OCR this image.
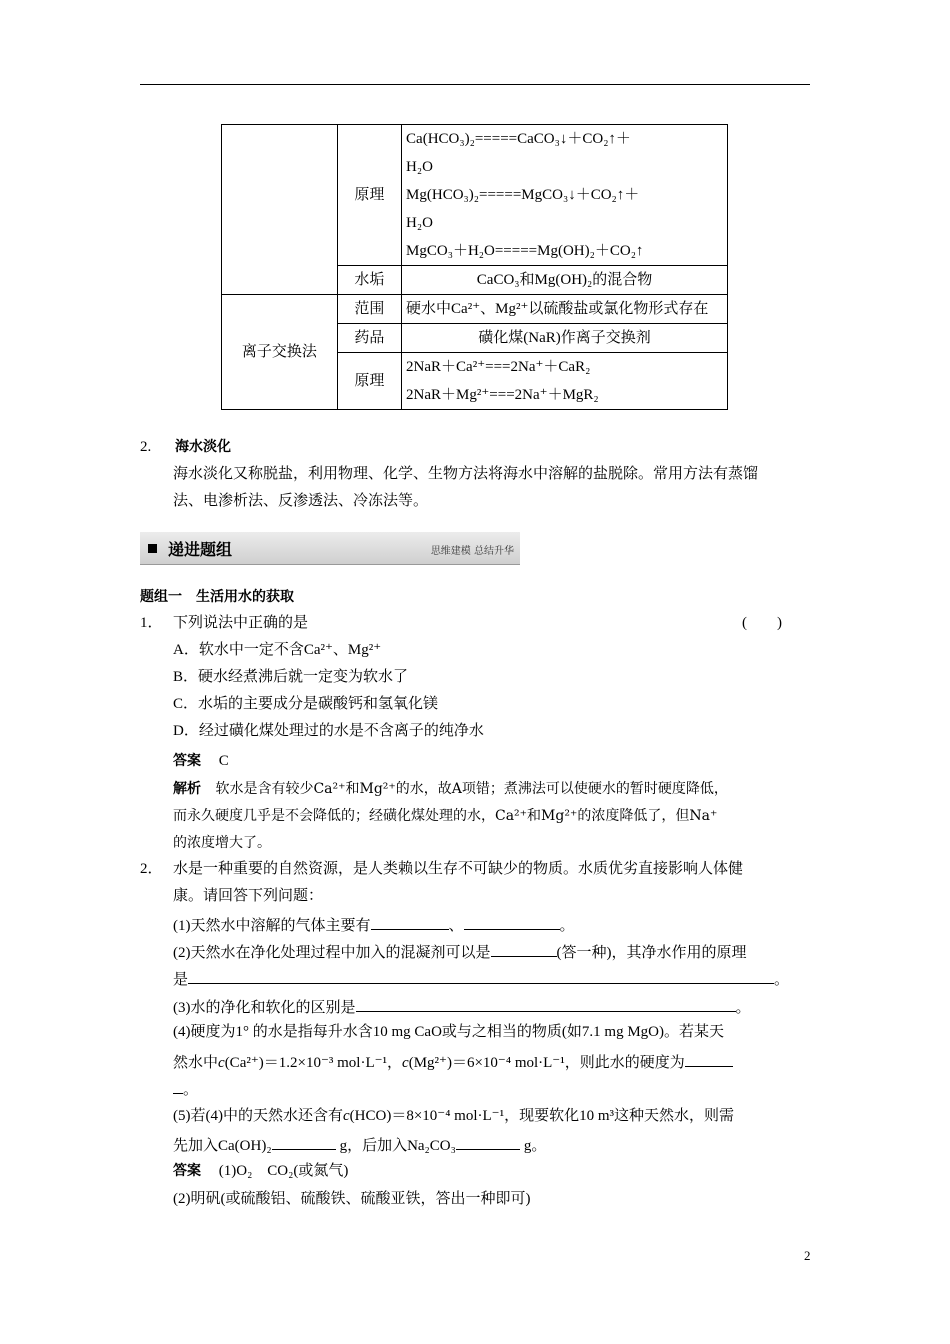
	原理	Ca(HCO₃)₂=====CaCO₃↓＋CO₂↑＋
H₂O
Mg(HCO₃)₂=====MgCO₃↓＋CO₂↑＋
H₂O
MgCO₃＋H₂O=====Mg(OH)₂＋CO₂↑

	水垢	CaCO₃和Mg(OH)₂的混合物
离子交换法	范围	硬水中Ca²⁺、Mg²⁺以硫酸盐或氯化物形式存在
	药品	磺化煤(NaR)作离子交换剂
	原理	2NaR＋Ca²⁺===2Na⁺＋CaR₂
2NaR＋Mg²⁺===2Na⁺＋MgR₂
2. 海水淡化
海水淡化又称脱盐，利用物理、化学、生物方法将海水中溶解的盐脱除。常用方法有蒸馏
法、电渗析法、反渗透法、冷冻法等。
递进题组	思维建模 总结升华
题组一　生活用水的获取
1． 下列说法中正确的是	(　　)
A．软水中一定不含Ca²⁺、Mg²⁺
B．硬水经煮沸后就一定变为软水了
C．水垢的主要成分是碳酸钙和氢氧化镁
D．经过磺化煤处理过的水是不含离子的纯净水
答案 C
解析 软水是含有较少Ca²⁺和Mg²⁺的水，故A项错；煮沸法可以使硬水的暂时硬度降低，
而永久硬度几乎是不会降低的；经磺化煤处理的水，Ca²⁺和Mg²⁺的浓度降低了，但Na⁺
的浓度增大了。
2． 水是一种重要的自然资源，是人类赖以生存不可缺少的物质。水质优劣直接影响人体健
康。请回答下列问题：
(1)天然水中溶解的气体主要有	、	。
(2)天然水在净化处理过程中加入的混凝剂可以是	(答一种)，其净水作用的原理
是	。
(3)水的净化和软化的区别是	。
(4)硬度为1° 的水是指每升水含10 mg CaO或与之相当的物质(如7.1 mg MgO)。若某天
然水中c(Ca²⁺)＝1.2×10⁻³ mol·L⁻¹，c(Mg²⁺)＝6×10⁻⁴ mol·L⁻¹，则此水的硬度为
。
(5)若(4)中的天然水还含有c(HCO)＝8×10⁻⁴ mol·L⁻¹，现要软化10 m³这种天然水，则需
先加入Ca(OH)₂	g，后加入Na₂CO₃	g。
答案 (1)O₂　CO₂(或氮气)
(2)明矾(或硫酸铝、硫酸铁、硫酸亚铁，答出一种即可)
2
